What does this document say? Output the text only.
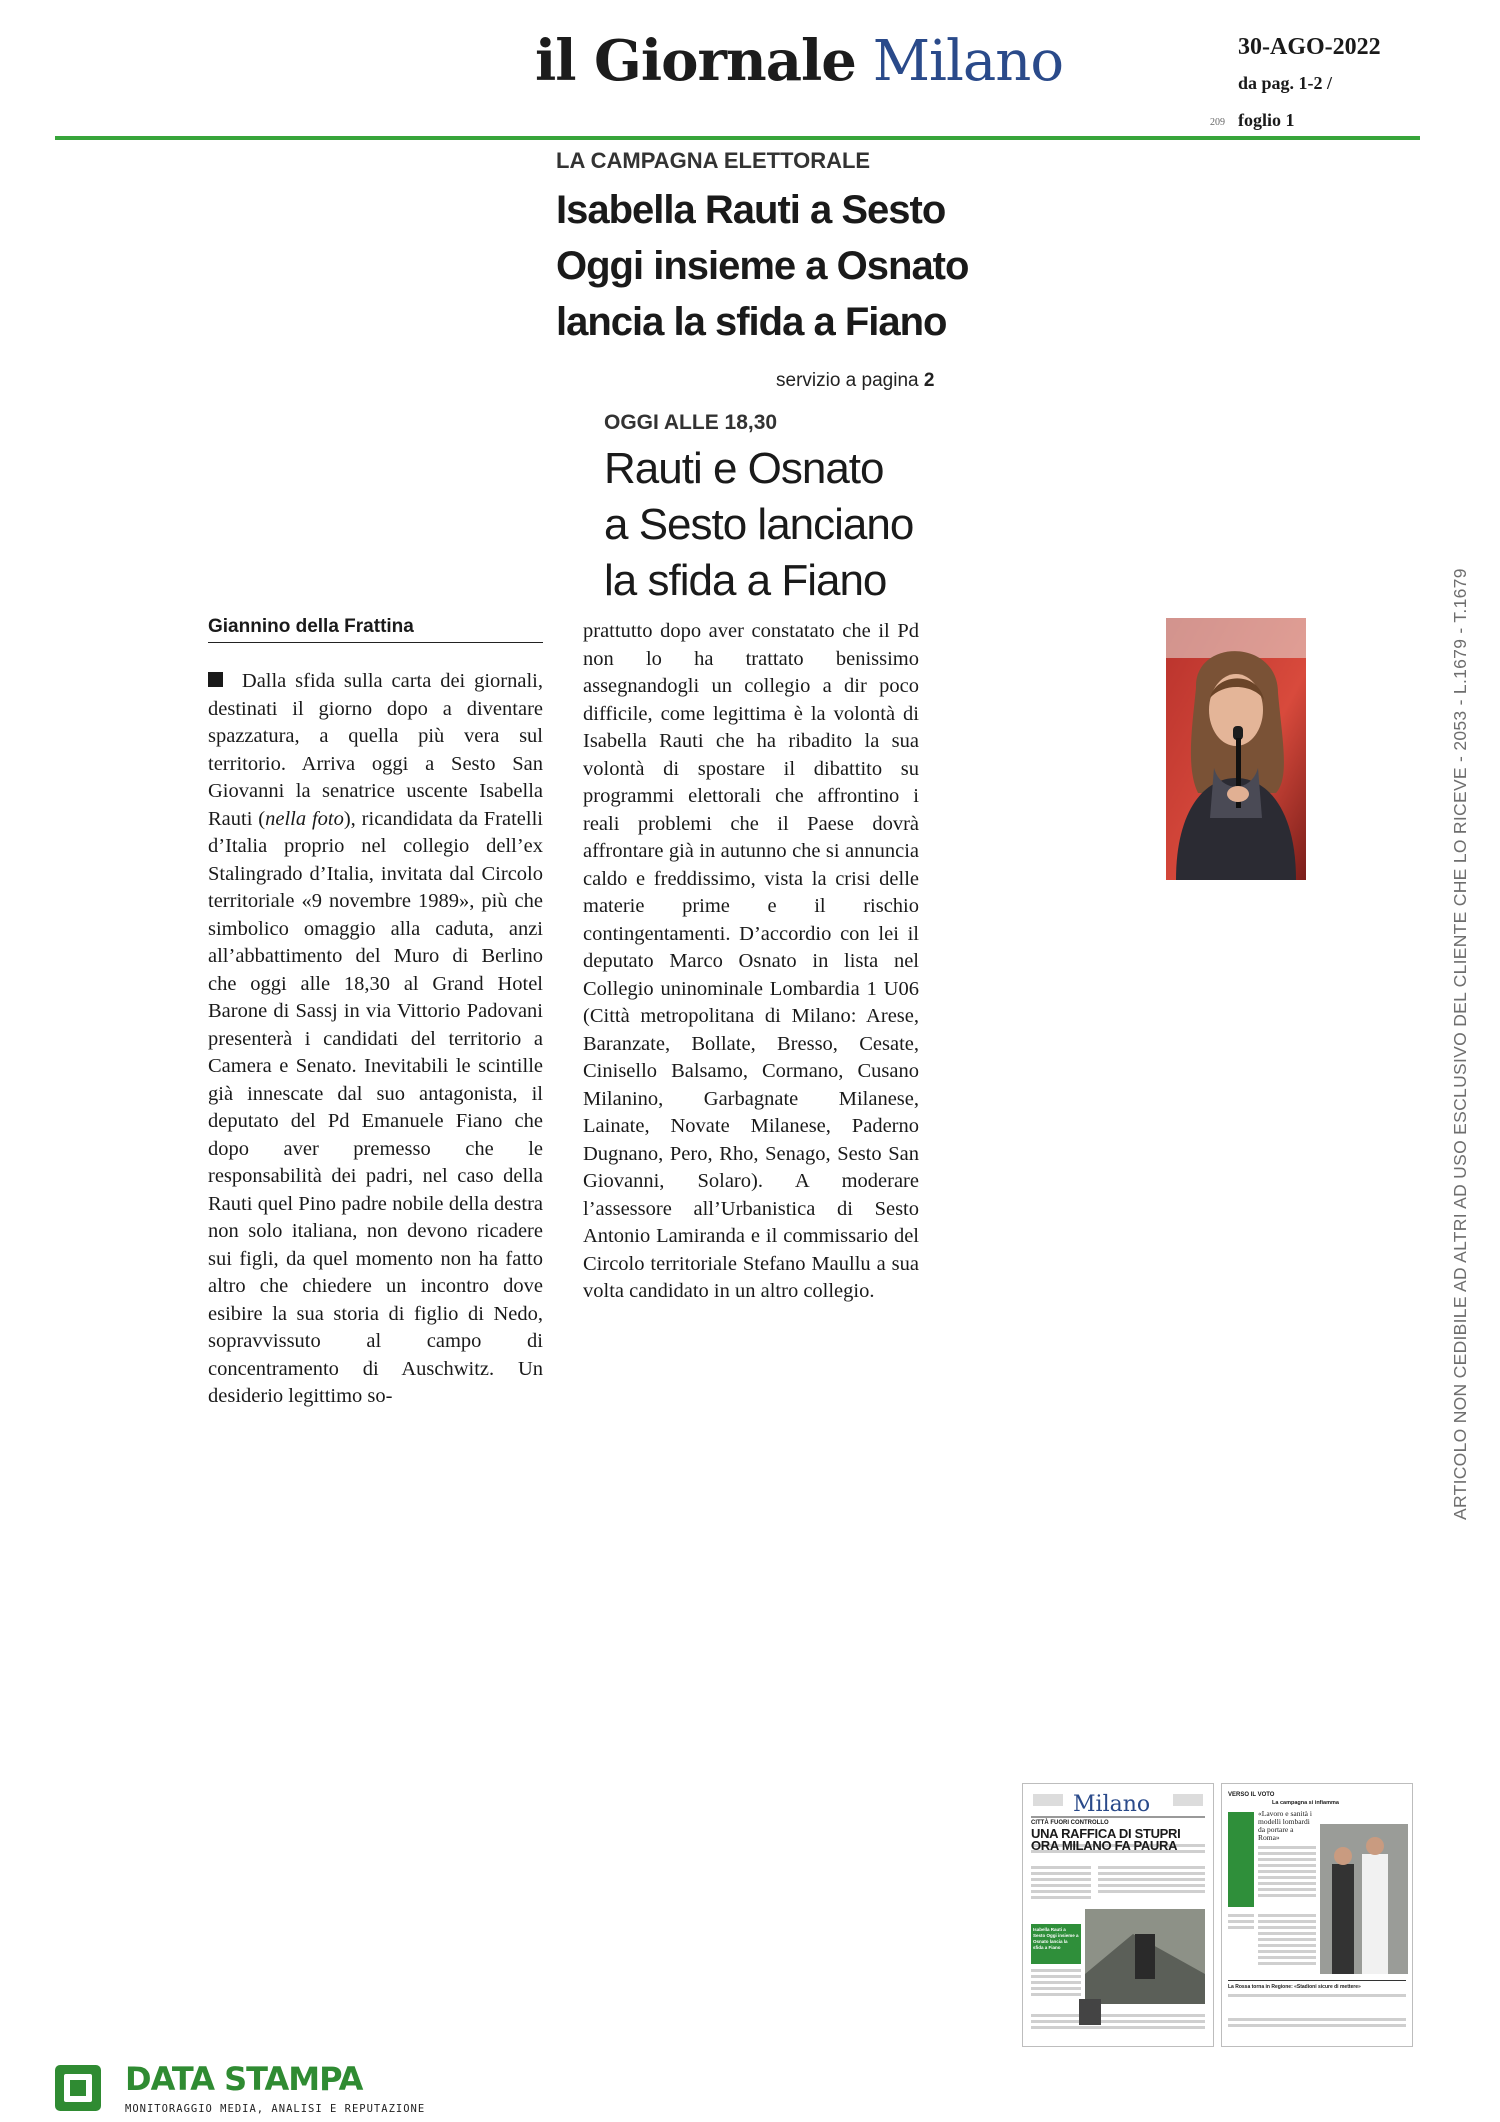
il Giornale Milano	30-AGO-2022
da pag. 1-2 /
foglio 1
209
LA CAMPAGNA ELETTORALE
Isabella Rauti a Sesto
Oggi insieme a Osnato
lancia la sfida a Fiano
servizio a pagina 2
OGGI ALLE 18,30
Rauti e Osnato
a Sesto lanciano
la sfida a Fiano
Giannino della Frattina

Dalla sfida sulla carta dei giornali, destinati il giorno dopo a diventare spazzatura, a quella più vera sul territorio. Arriva oggi a Sesto San Giovanni la senatrice uscente Isabella Rauti (nella foto), ricandidata da Fratelli d’Italia proprio nel collegio dell’ex Stalingrado d’Italia, invitata dal Circolo territoriale «9 novembre 1989», più che simbolico omaggio alla caduta, anzi all’abbattimento del Muro di Berlino che oggi alle 18,30 al Grand Hotel Barone di Sassj in via Vittorio Padovani presenterà i candidati del territorio a Camera e Senato. Inevitabili le scintille già innescate dal suo antagonista, il deputato del Pd Emanuele Fiano che dopo aver premesso che le responsabilità dei padri, nel caso della Rauti quel Pino padre nobile della destra non solo italiana, non devono ricadere sui figli, da quel momento non ha fatto altro che chiedere un incontro dove esibire la sua storia di figlio di Nedo, sopravvissuto al campo di concentramento di Auschwitz. Un desiderio legittimo so-

prattutto dopo aver constatato che il Pd non lo ha trattato benissimo assegnandogli un collegio a dir poco difficile, come legittima è la volontà di Isabella Rauti che ha ribadito la sua volontà di spostare il dibattito su programmi elettorali che affrontino i reali problemi che il Paese dovrà affrontare già in autunno che si annuncia caldo e freddissimo, vista la crisi delle materie prime e il rischio contingentamenti. D’accordio con lei il deputato Marco Osnato in lista nel Collegio uninominale Lombardia 1 U06 (Città metropolitana di Milano: Arese, Baranzate, Bollate, Bresso, Cesate, Cinisello Balsamo, Cormano, Cusano Milanino, Garbagnate Milanese, Lainate, Novate Milanese, Paderno Dugnano, Pero, Rho, Senago, Sesto San Giovanni, Solaro). A moderare l’assessore all’Urbanistica di Sesto Antonio Lamiranda e il commissario del Circolo territoriale Stefano Maullu a sua volta candidato in un altro collegio.	ARTICOLO NON CEDIBILE AD ALTRI AD USO ESCLUSIVO DEL CLIENTE CHE LO RICEVE - 2053 - L.1679 - T.1679
Milano
CITTÀ FUORI CONTROLLO
UNA RAFFICA DI STUPRI
ORA MILANO FA PAURA
Isabella Rauti a Sesto Oggi insieme a Osnato lancia la sfida a Fiano
VERSO IL VOTO
La campagna si infiamma
«Lavoro e sanità i modelli lombardi da portare a Roma»
La Rossa torna in Regione: «Stadioni sicure di mettere»
DATA STAMPA
MONITORAGGIO MEDIA, ANALISI E REPUTAZIONE
